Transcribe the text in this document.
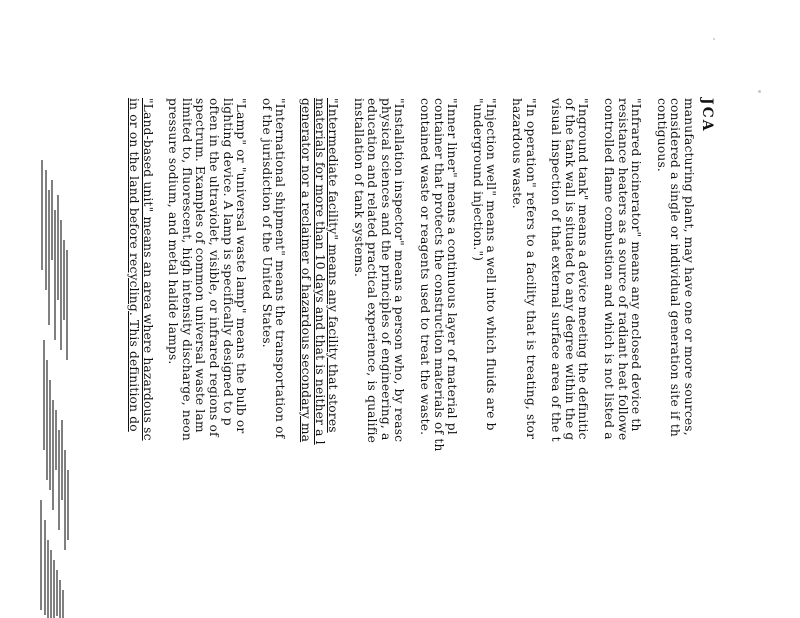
JCA

manufacturing plant, may have one or more sources,
considered a single or individual generation site if th
contiguous.

"Infrared incinerator" means any enclosed device th
resistance heaters as a source of radiant heat followe
controlled flame combustion and which is not listed a

"Inground tank" means a device meeting the definitic
of the tank wall is situated to any degree within the g
visual inspection of that external surface area of the t

"In operation" refers to a facility that is treating, stor
hazardous waste.

"Injection well" means a well into which fluids are b
"underground injection.")

"Inner liner" means a continuous layer of material pl
container that protects the construction materials of th
contained waste or reagents used to treat the waste.

"Installation inspector" means a person who, by reasc
physical sciences and the principles of engineering, a
education and related practical experience, is qualifie
installation of tank systems.

"Intermediate facility" means any facility that stores
materials for more than 10 days and that is neither a l
generator nor a reclaimer of hazardous secondary ma

"International shipment" means the transportation of
of the jurisdiction of the United States.

"Lamp" or "universal waste lamp" means the bulb or
lighting device. A lamp is specifically designed to p
often in the ultraviolet, visible, or infrared regions of
spectrum. Examples of common universal waste lam
limited to, fluorescent, high intensity discharge, neon
pressure sodium, and metal halide lamps.

"Land-based unit" means an area where hazardous sc
in or on the land before recycling. This definition do
